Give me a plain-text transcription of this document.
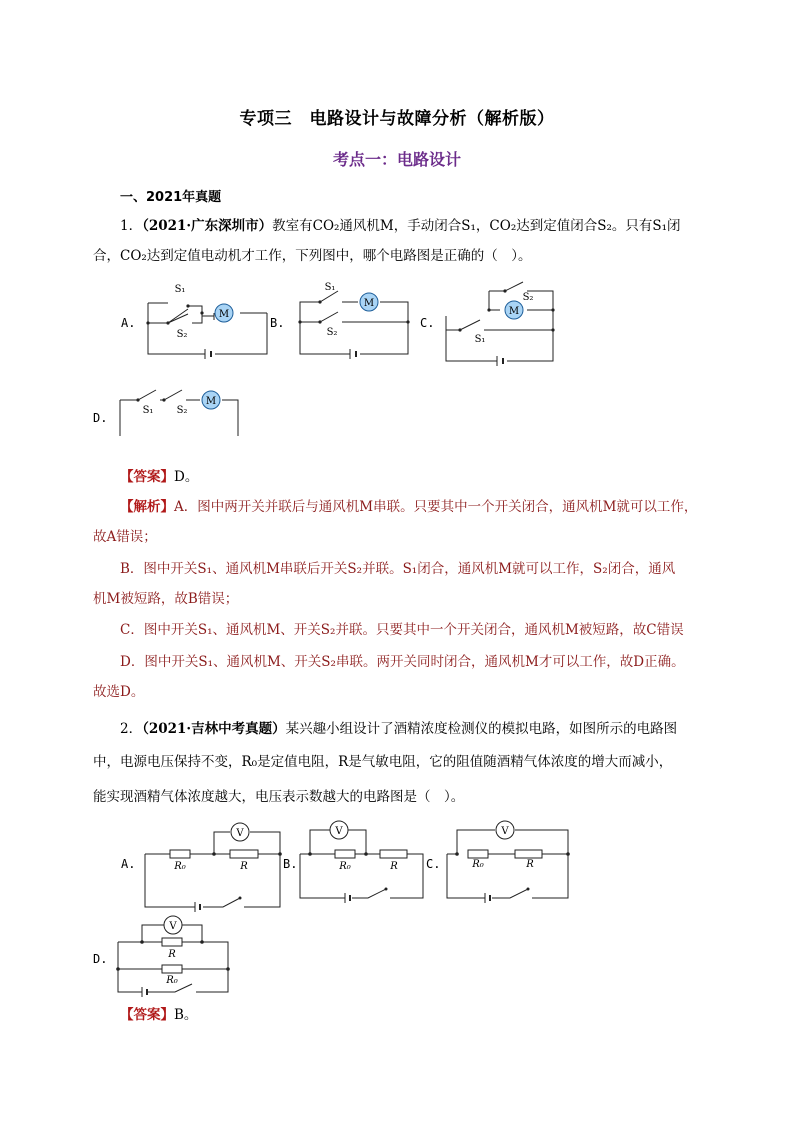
专项三　电路设计与故障分析（解析版）
考点一：电路设计
一、2021年真题
1．（2021·广东深圳市）教室有CO₂通风机M，手动闭合S₁，CO₂达到定值闭合S₂。只有S₁闭
合，CO₂达到定值电动机才工作，下列图中，哪个电路图是正确的（　）。
M
M
M
M
S₁
S₂
S₁
S₂
S₂
S₁
S₁ S₂
A.	B.	C.
D.
【答案】D。
【解析】A．图中两开关并联后与通风机M串联。只要其中一个开关闭合，通风机M就可以工作，
故A错误；
B．图中开关S₁、通风机M串联后开关S₂并联。S₁闭合，通风机M就可以工作，S₂闭合，通风
机M被短路，故B错误；
C．图中开关S₁、通风机M、开关S₂并联。只要其中一个开关闭合，通风机M被短路，故C错误
D．图中开关S₁、通风机M、开关S₂串联。两开关同时闭合，通风机M才可以工作，故D正确。
故选D。
2．（2021·吉林中考真题）某兴趣小组设计了酒精浓度检测仪的模拟电路，如图所示的电路图
中，电源电压保持不变，R₀是定值电阻，R是气敏电阻，它的阻值随酒精气体浓度的增大而减小，
能实现酒精气体浓度越大，电压表示数越大的电路图是（　）。
V	V	V
V
R₀	R	R₀	R	R₀	R
R
R₀
A.	B.	C.
D.
【答案】B。
